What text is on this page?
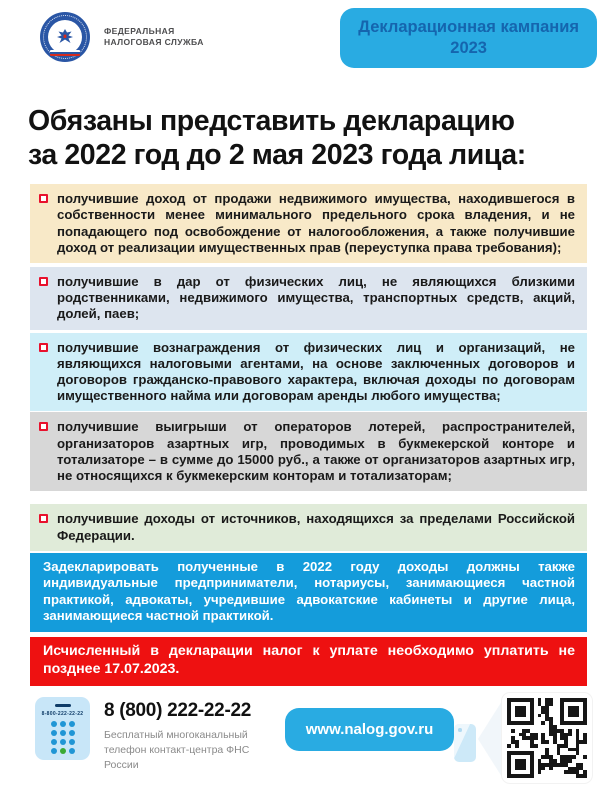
ФЕДЕРАЛЬНАЯ
НАЛОГОВАЯ СЛУЖБА
Декларационная кампания
2023
Обязаны представить декларацию
за 2022 год до 2 мая 2023 года лица:

получившие доход от продажи недвижимого имущества, находившегося в собственности менее минимального предельного срока владения, и не попадающего под освобождение от налогообложения, а также получившие доход от реализации имущественных прав (переуступка права требования);

получившие в дар от физических лиц, не являющихся близкими родственниками, недвижимого имущества, транспортных средств, акций, долей, паев;

получившие вознаграждения от физических лиц и организаций, не являющихся налоговыми агентами, на основе заключенных договоров и договоров гражданско-правового характера, включая доходы по договорам имущественного найма или договорам аренды любого имущества;

получившие выигрыши от операторов лотерей, распространителей, организаторов азартных игр, проводимых в букмекерской конторе и тотализаторе – в сумме до 15000 руб., а также от организаторов азартных игр, не относящихся к букмекерским конторам и тотализаторам;

получившие доходы от источников, находящихся за пределами Российской Федерации.

Задекларировать полученные в 2022 году доходы должны также индивидуальные предприниматели, нотариусы, занимающиеся частной практикой, адвокаты, учредившие адвокатские кабинеты и другие лица, занимающиеся частной практикой.

Исчисленный в декларации налог к уплате необходимо уплатить не позднее 17.07.2023.

8-800-222-22-22	8 (800) 222-22-22
Бесплатный многоканальный телефон контакт-центра ФНС России
www.nalog.gov.ru
